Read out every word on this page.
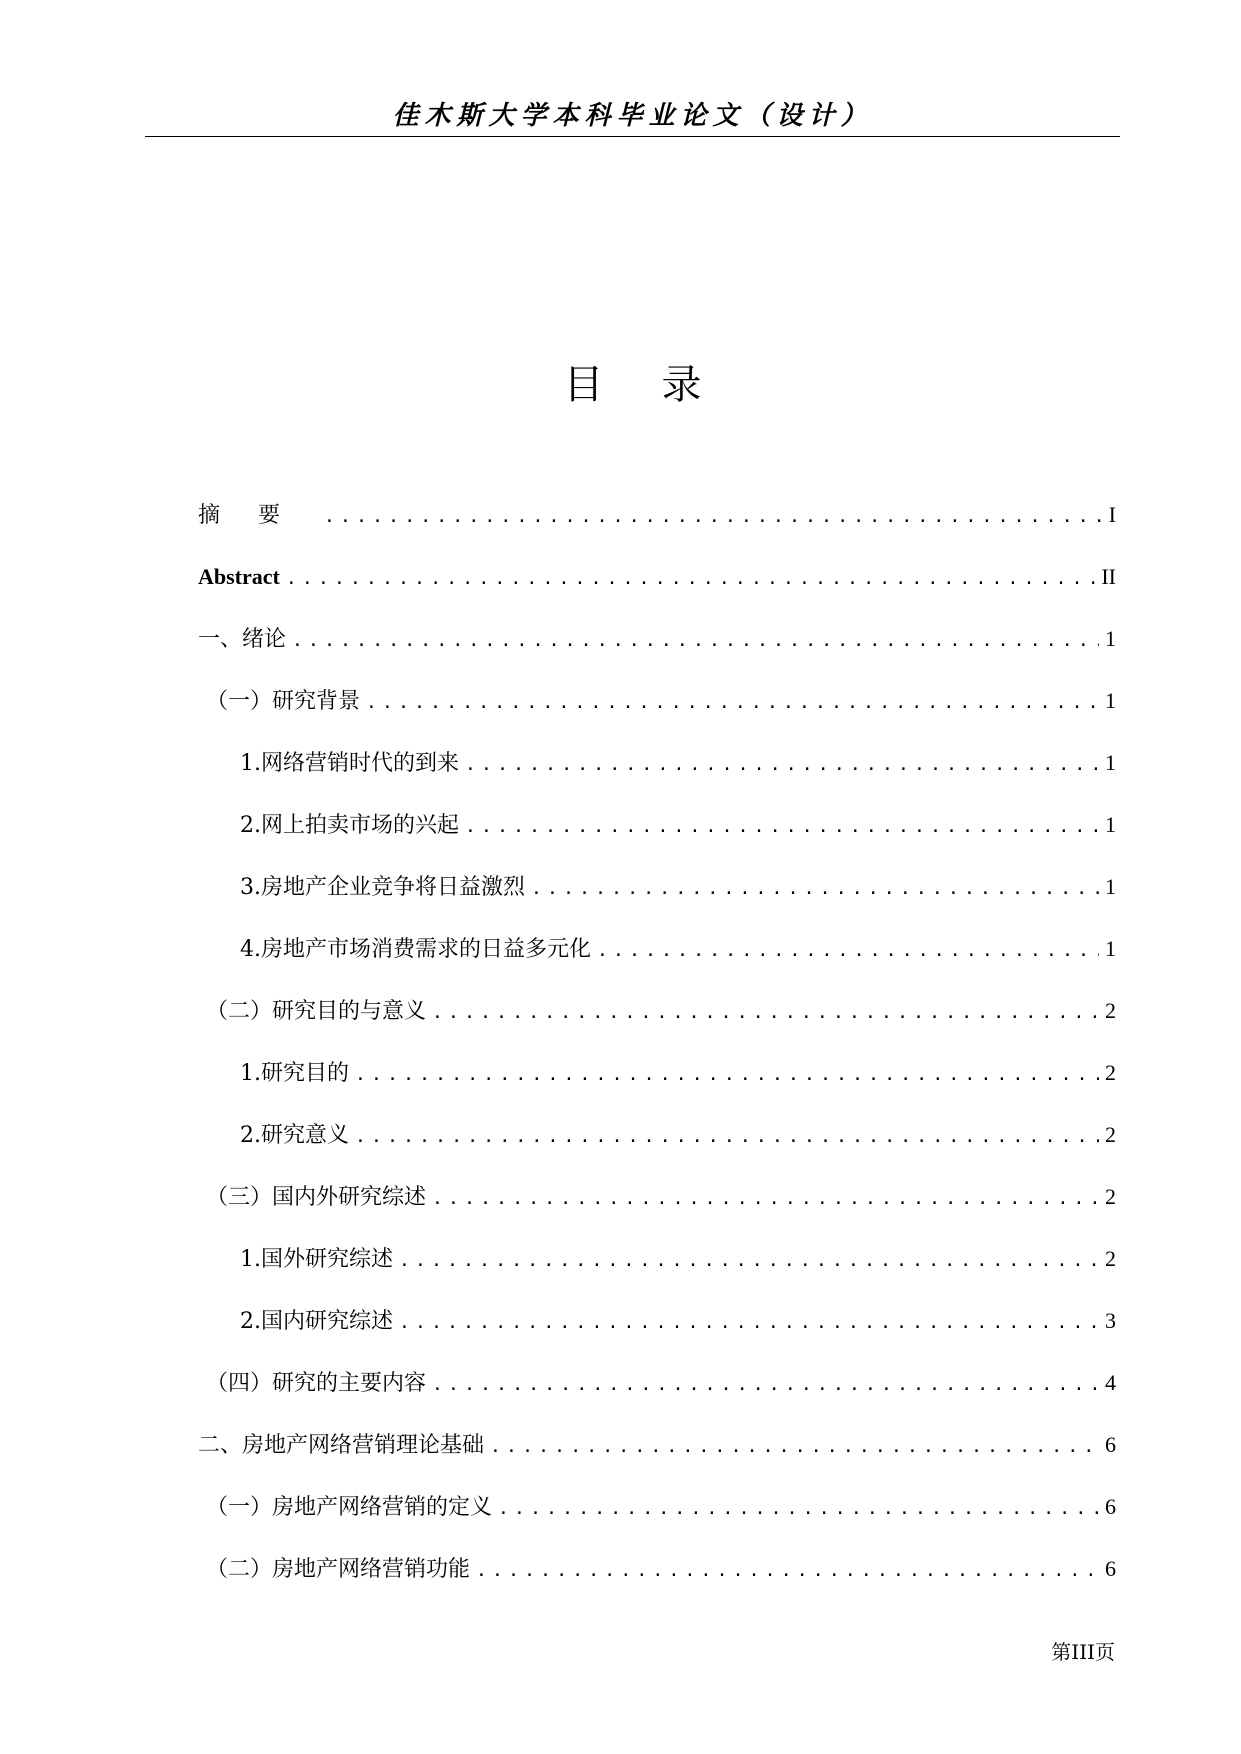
佳木斯大学本科毕业论文（设计）
目录
摘要 .....	I
Abstract .....	II
一、绪论 .....	1
（一）研究背景 .....	1
1.网络营销时代的到来 .....	1
2.网上拍卖市场的兴起 .....	1
3.房地产企业竞争将日益激烈 .....	1
4.房地产市场消费需求的日益多元化 .....	1
（二）研究目的与意义 .....	2
1.研究目的 .....	2
2.研究意义 .....	2
（三）国内外研究综述 .....	2
1.国外研究综述 .....	2
2.国内研究综述 .....	3
（四）研究的主要内容 .....	4
二、房地产网络营销理论基础 .....	6
（一）房地产网络营销的定义 .....	6
（二）房地产网络营销功能 .....	6
第III页
